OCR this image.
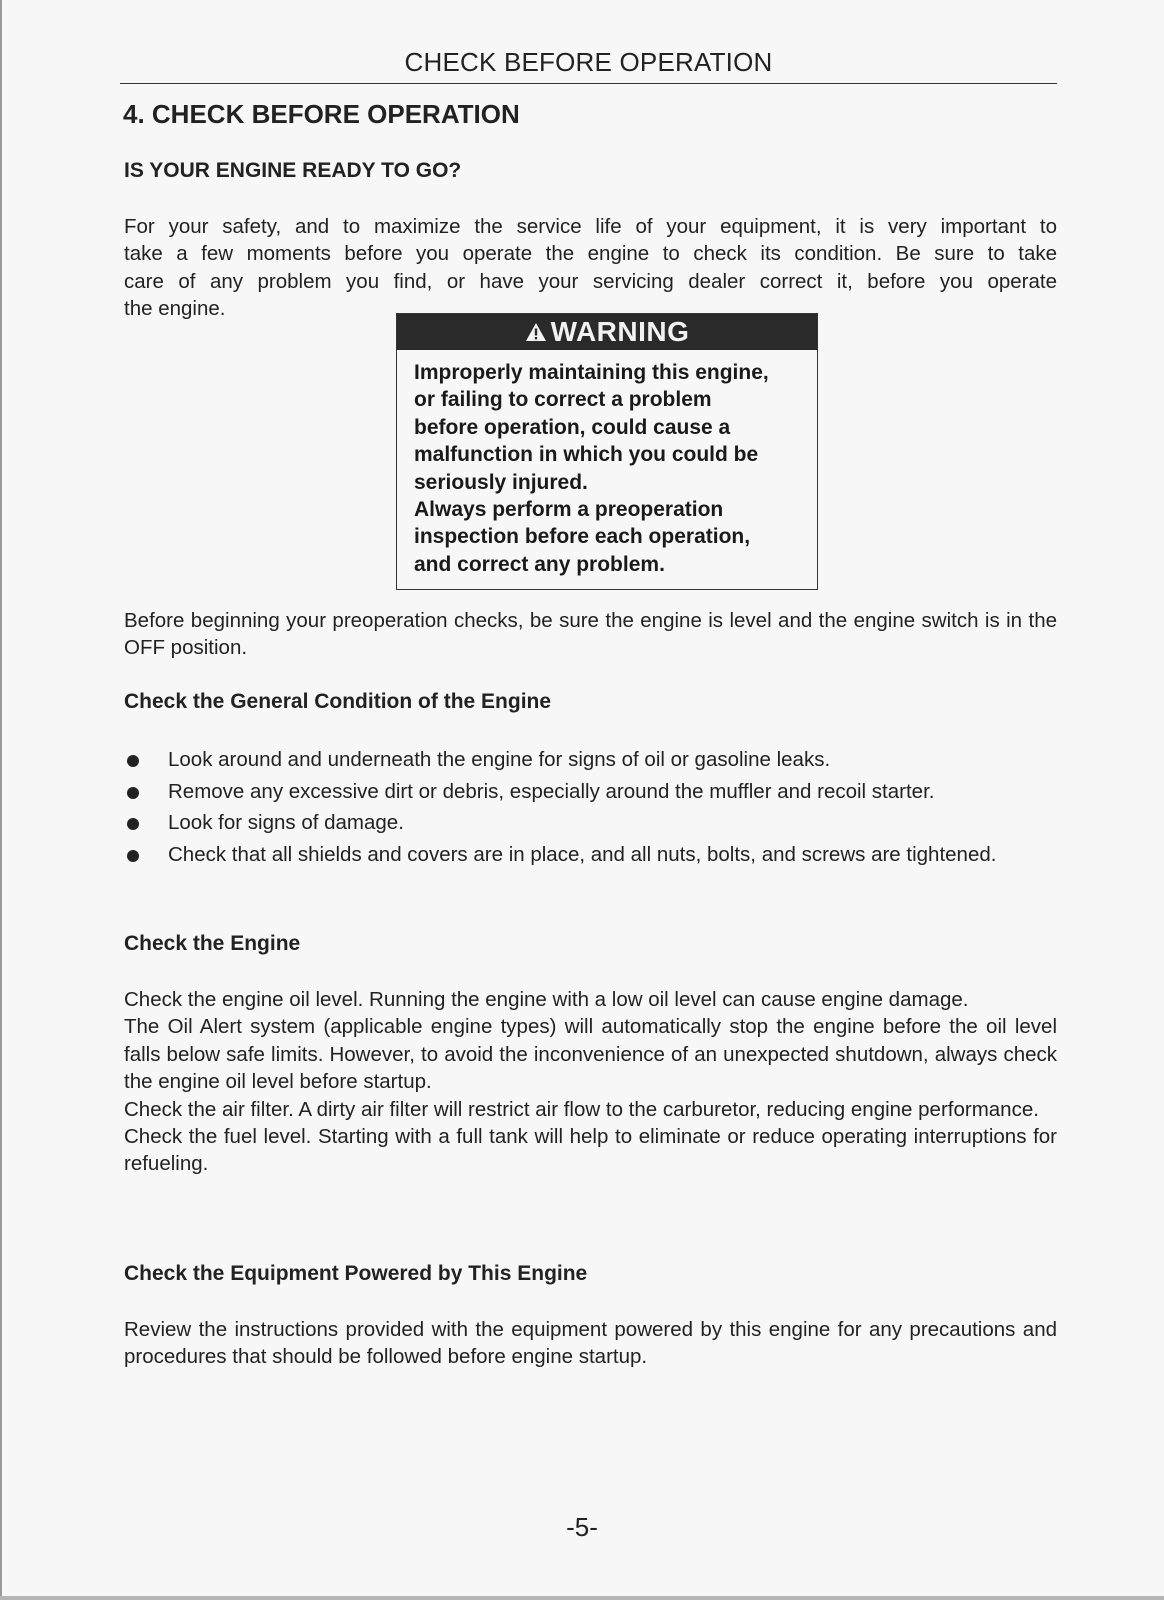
CHECK BEFORE OPERATION
4. CHECK BEFORE OPERATION
IS YOUR ENGINE READY TO GO?
For your safety, and to maximize the service life of your equipment, it is very important to
take a few moments before you operate the engine to check its condition. Be sure to take
care of any problem you find, or have your servicing dealer correct it, before you operate
the engine.
WARNING
Improperly maintaining this engine,
or failing to correct a problem
before operation, could cause a
malfunction in which you could be
seriously injured.
Always perform a preoperation
inspection before each operation,
and correct any problem.

Before beginning your preoperation checks, be sure the engine is level and the engine switch is in the OFF position.

Check the General Condition of the Engine
Look around and underneath the engine for signs of oil or gasoline leaks.
Remove any excessive dirt or debris, especially around the muffler and recoil starter.
Look for signs of damage.
Check that all shields and covers are in place, and all nuts, bolts, and screws are tightened.
Check the Engine
Check the engine oil level. Running the engine with a low oil level can cause engine damage.
The Oil Alert system (applicable engine types) will automatically stop the engine before the oil level falls below safe limits. However, to avoid the inconvenience of an unexpected shutdown, always check the engine oil level before startup.
Check the air filter. A dirty air filter will restrict air flow to the carburetor, reducing engine performance.
Check the fuel level. Starting with a full tank will help to eliminate or reduce operating interruptions for refueling.
Check the Equipment Powered by This Engine

Review the instructions provided with the equipment powered by this engine for any precautions and procedures that should be followed before engine startup.

-5-
